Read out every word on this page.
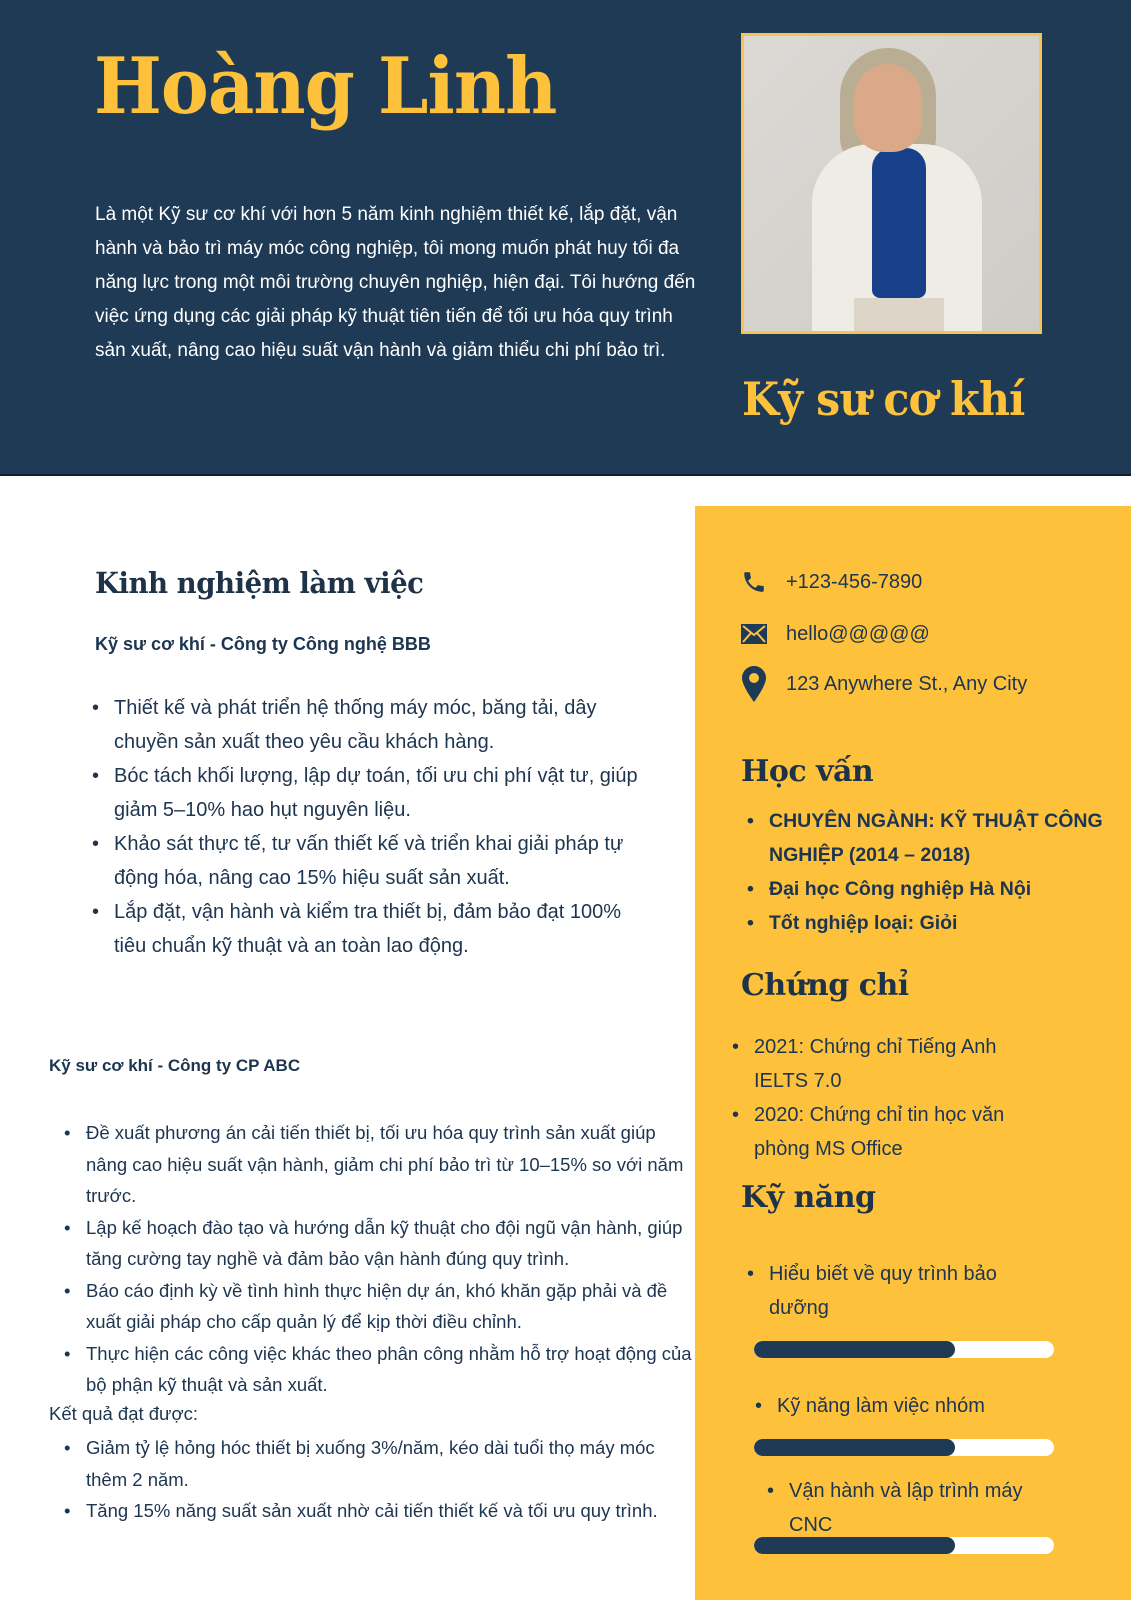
Hoàng Linh

Là một Kỹ sư cơ khí với hơn 5 năm kinh nghiệm thiết kế, lắp đặt, vận hành và bảo trì máy móc công nghiệp, tôi mong muốn phát huy tối đa năng lực trong một môi trường chuyên nghiệp, hiện đại. Tôi hướng đến việc ứng dụng các giải pháp kỹ thuật tiên tiến để tối ưu hóa quy trình sản xuất, nâng cao hiệu suất vận hành và giảm thiểu chi phí bảo trì.

Kỹ sư cơ khí
Kinh nghiệm làm việc
Kỹ sư cơ khí - Công ty Công nghệ BBB
• Thiết kế và phát triển hệ thống máy móc, băng tải, dây chuyền sản xuất theo yêu cầu khách hàng.
• Bóc tách khối lượng, lập dự toán, tối ưu chi phí vật tư, giúp giảm 5–10% hao hụt nguyên liệu.
• Khảo sát thực tế, tư vấn thiết kế và triển khai giải pháp tự động hóa, nâng cao 15% hiệu suất sản xuất.
• Lắp đặt, vận hành và kiểm tra thiết bị, đảm bảo đạt 100% tiêu chuẩn kỹ thuật và an toàn lao động.
Kỹ sư cơ khí - Công ty CP ABC
• Đề xuất phương án cải tiến thiết bị, tối ưu hóa quy trình sản xuất giúp nâng cao hiệu suất vận hành, giảm chi phí bảo trì từ 10–15% so với năm trước.
• Lập kế hoạch đào tạo và hướng dẫn kỹ thuật cho đội ngũ vận hành, giúp tăng cường tay nghề và đảm bảo vận hành đúng quy trình.
• Báo cáo định kỳ về tình hình thực hiện dự án, khó khăn gặp phải và đề xuất giải pháp cho cấp quản lý để kịp thời điều chỉnh.
• Thực hiện các công việc khác theo phân công nhằm hỗ trợ hoạt động của bộ phận kỹ thuật và sản xuất.
Kết quả đạt được:
• Giảm tỷ lệ hỏng hóc thiết bị xuống 3%/năm, kéo dài tuổi thọ máy móc thêm 2 năm.
• Tăng 15% năng suất sản xuất nhờ cải tiến thiết kế và tối ưu quy trình.
+123-456-7890
hello@@@@@
123 Anywhere St., Any City
Học vấn
• CHUYÊN NGÀNH: KỸ THUẬT CÔNG NGHIỆP (2014 – 2018)
• Đại học Công nghiệp Hà Nội
• Tốt nghiệp loại: Giỏi
Chứng chỉ
• 2021: Chứng chỉ Tiếng Anh IELTS 7.0
• 2020: Chứng chỉ tin học văn phòng MS Office
Kỹ năng
• Hiểu biết về quy trình bảo dưỡng
• Kỹ năng làm việc nhóm
• Vận hành và lập trình máy CNC
